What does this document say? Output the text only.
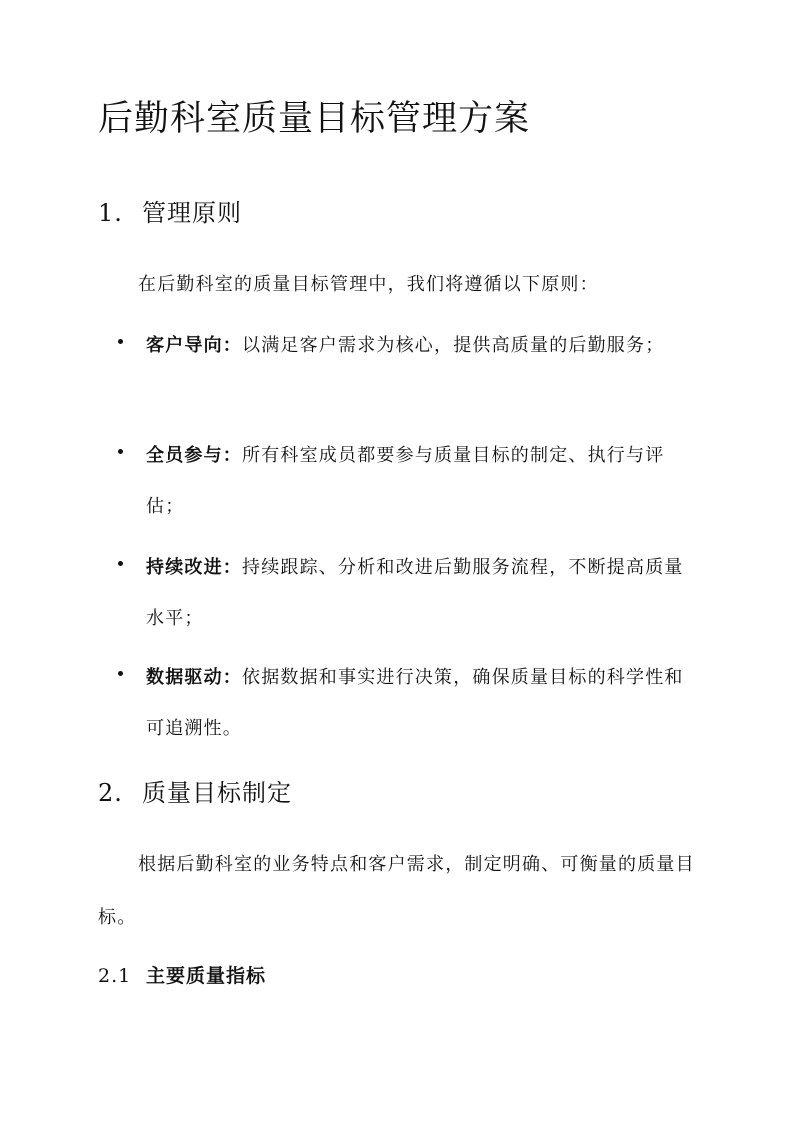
后勤科室质量目标管理方案
1. 管理原则

在后勤科室的质量目标管理中，我们将遵循以下原则：

客户导向：以满足客户需求为核心，提供高质量的后勤服务；
全员参与：所有科室成员都要参与质量目标的制定、执行与评估；
持续改进：持续跟踪、分析和改进后勤服务流程，不断提高质量水平；
数据驱动：依据数据和事实进行决策，确保质量目标的科学性和可追溯性。
2. 质量目标制定

根据后勤科室的业务特点和客户需求，制定明确、可衡量的质量目标。

2.1 主要质量指标
